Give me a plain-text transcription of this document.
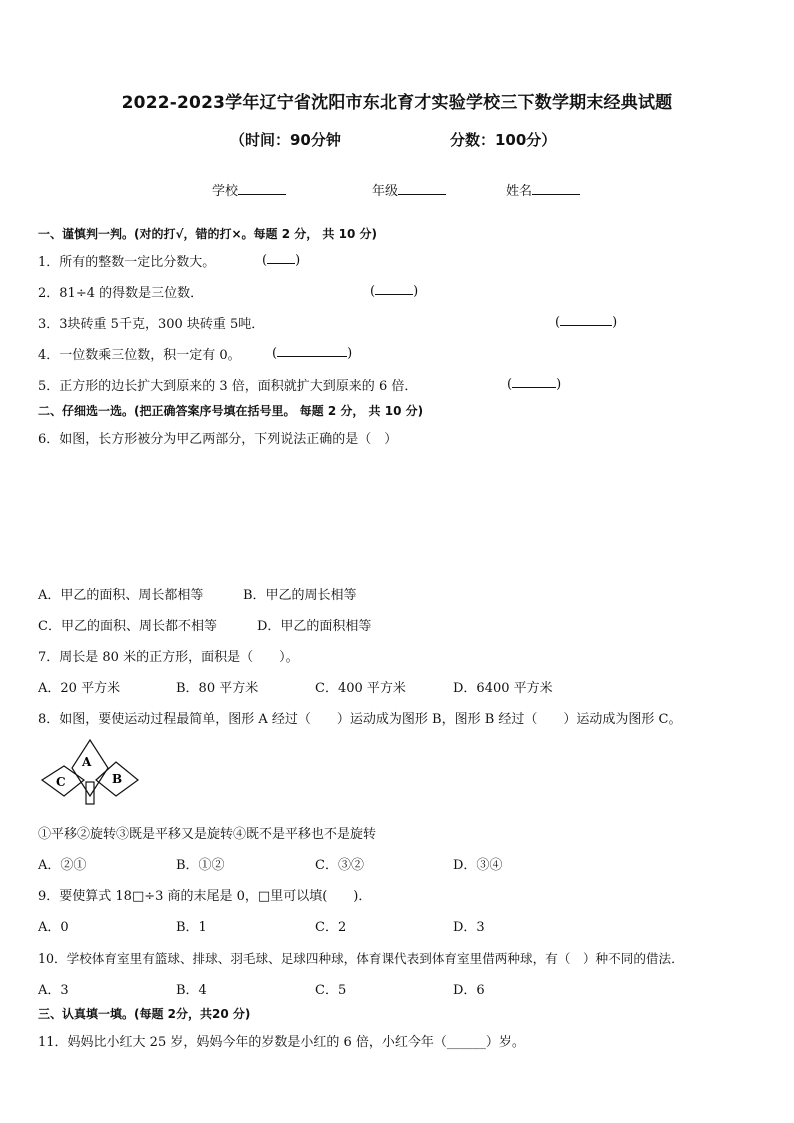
2022-2023学年辽宁省沈阳市东北育才实验学校三下数学期末经典试题
（时间：90分钟	分数：100分）
学校	年级	姓名
一、谨慎判一判。(对的打√，错的打×。每题 2 分， 共 10 分)
1．所有的整数一定比分数大。	( )
2．81÷4 的得数是三位数．	(	)
3．3块砖重 5千克，300 块砖重 5吨．	(	)
4．一位数乘三位数，积一定有 0。 (	)
5．正方形的边长扩大到原来的 3 倍，面积就扩大到原来的 6 倍．	(	)
二、仔细选一选。(把正确答案序号填在括号里。 每题 2 分， 共 10 分)
6．如图，长方形被分为甲乙两部分，下列说法正确的是（　）
A．甲乙的面积、周长都相等	B．甲乙的周长相等
C．甲乙的面积、周长都不相等	D．甲乙的面积相等
7．周长是 80 米的正方形，面积是（　　）。
A．20 平方米	B．80 平方米	C．400 平方米	D．6400 平方米
8．如图，要使运动过程最简单，图形 A 经过（　　）运动成为图形 B，图形 B 经过（　　）运动成为图形 C。
A
B
C
①平移②旋转③既是平移又是旋转④既不是平移也不是旋转
A．②①	B．①②	C．③②	D．③④
9．要使算式 18□÷3 商的末尾是 0，□里可以填(　　)．
A．0	B．1	C．2	D．3
10．学校体育室里有篮球、排球、羽毛球、足球四种球，体育课代表到体育室里借两种球，有（　）种不同的借法．
A．3	B．4	C．5	D．6
三、认真填一填。(每题 2分，共20 分)
11．妈妈比小红大 25 岁，妈妈今年的岁数是小红的 6 倍，小红今年（______）岁。
